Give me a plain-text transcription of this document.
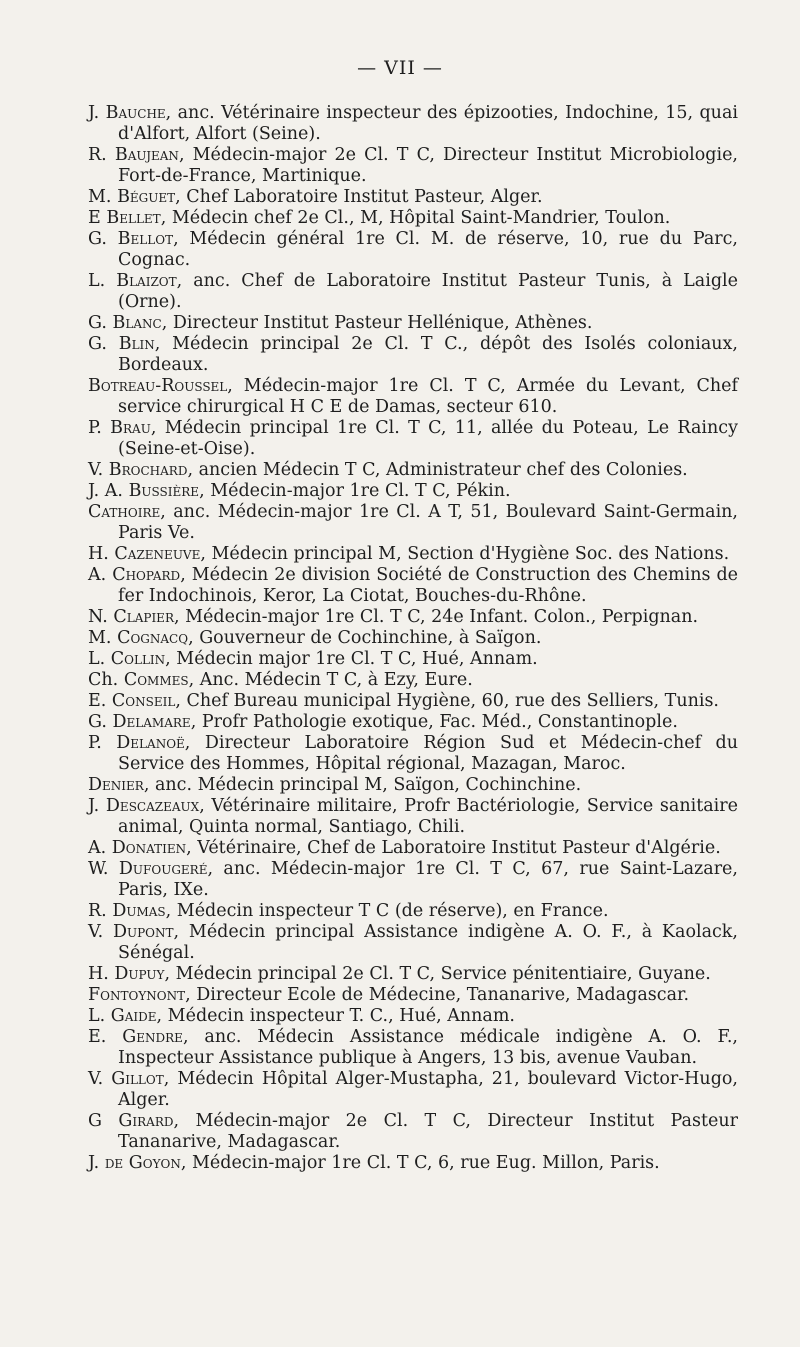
— VII —

J. Bauche, anc. Vétérinaire inspecteur des épizooties, Indochine, 15, quai d'Alfort, Alfort (Seine).

R. Baujean, Médecin-major 2e Cl. T C, Directeur Institut Microbiologie, Fort-de-France, Martinique.

M. Béguet, Chef Laboratoire Institut Pasteur, Alger.

E Bellet, Médecin chef 2e Cl., M, Hôpital Saint-Mandrier, Toulon.

G. Bellot, Médecin général 1re Cl. M. de réserve, 10, rue du Parc, Cognac.

L. Blaizot, anc. Chef de Laboratoire Institut Pasteur Tunis, à Laigle (Orne).

G. Blanc, Directeur Institut Pasteur Hellénique, Athènes.

G. Blin, Médecin principal 2e Cl. T C., dépôt des Isolés coloniaux, Bordeaux.

Botreau-Roussel, Médecin-major 1re Cl. T C, Armée du Levant, Chef service chirurgical H C E de Damas, secteur 610.

P. Brau, Médecin principal 1re Cl. T C, 11, allée du Poteau, Le Raincy (Seine-et-Oise).

V. Brochard, ancien Médecin T C, Administrateur chef des Colonies.

J. A. Bussière, Médecin-major 1re Cl. T C, Pékin.

Cathoire, anc. Médecin-major 1re Cl. A T, 51, Boulevard Saint-Germain, Paris Ve.

H. Cazeneuve, Médecin principal M, Section d'Hygiène Soc. des Nations.

A. Chopard, Médecin 2e division Société de Construction des Chemins de fer Indochinois, Keror, La Ciotat, Bouches-du-Rhône.

N. Clapier, Médecin-major 1re Cl. T C, 24e Infant. Colon., Perpignan.

M. Cognacq, Gouverneur de Cochinchine, à Saïgon.

L. Collin, Médecin major 1re Cl. T C, Hué, Annam.

Ch. Commes, Anc. Médecin T C, à Ezy, Eure.

E. Conseil, Chef Bureau municipal Hygiène, 60, rue des Selliers, Tunis.

G. Delamare, Profr Pathologie exotique, Fac. Méd., Constantinople.

P. Delanoë, Directeur Laboratoire Région Sud et Médecin-chef du Service des Hommes, Hôpital régional, Mazagan, Maroc.

Denier, anc. Médecin principal M, Saïgon, Cochinchine.

J. Descazeaux, Vétérinaire militaire, Profr Bactériologie, Service sanitaire animal, Quinta normal, Santiago, Chili.

A. Donatien, Vétérinaire, Chef de Laboratoire Institut Pasteur d'Algérie.

W. Dufougeré, anc. Médecin-major 1re Cl. T C, 67, rue Saint-Lazare, Paris, IXe.

R. Dumas, Médecin inspecteur T C (de réserve), en France.

V. Dupont, Médecin principal Assistance indigène A. O. F., à Kaolack, Sénégal.

H. Dupuy, Médecin principal 2e Cl. T C, Service pénitentiaire, Guyane.

Fontoynont, Directeur Ecole de Médecine, Tananarive, Madagascar.

L. Gaide, Médecin inspecteur T. C., Hué, Annam.

E. Gendre, anc. Médecin Assistance médicale indigène A. O. F., Inspecteur Assistance publique à Angers, 13 bis, avenue Vauban.

V. Gillot, Médecin Hôpital Alger-Mustapha, 21, boulevard Victor-Hugo, Alger.

G Girard, Médecin-major 2e Cl. T C, Directeur Institut Pasteur Tananarive, Madagascar.

J. de Goyon, Médecin-major 1re Cl. T C, 6, rue Eug. Millon, Paris.
